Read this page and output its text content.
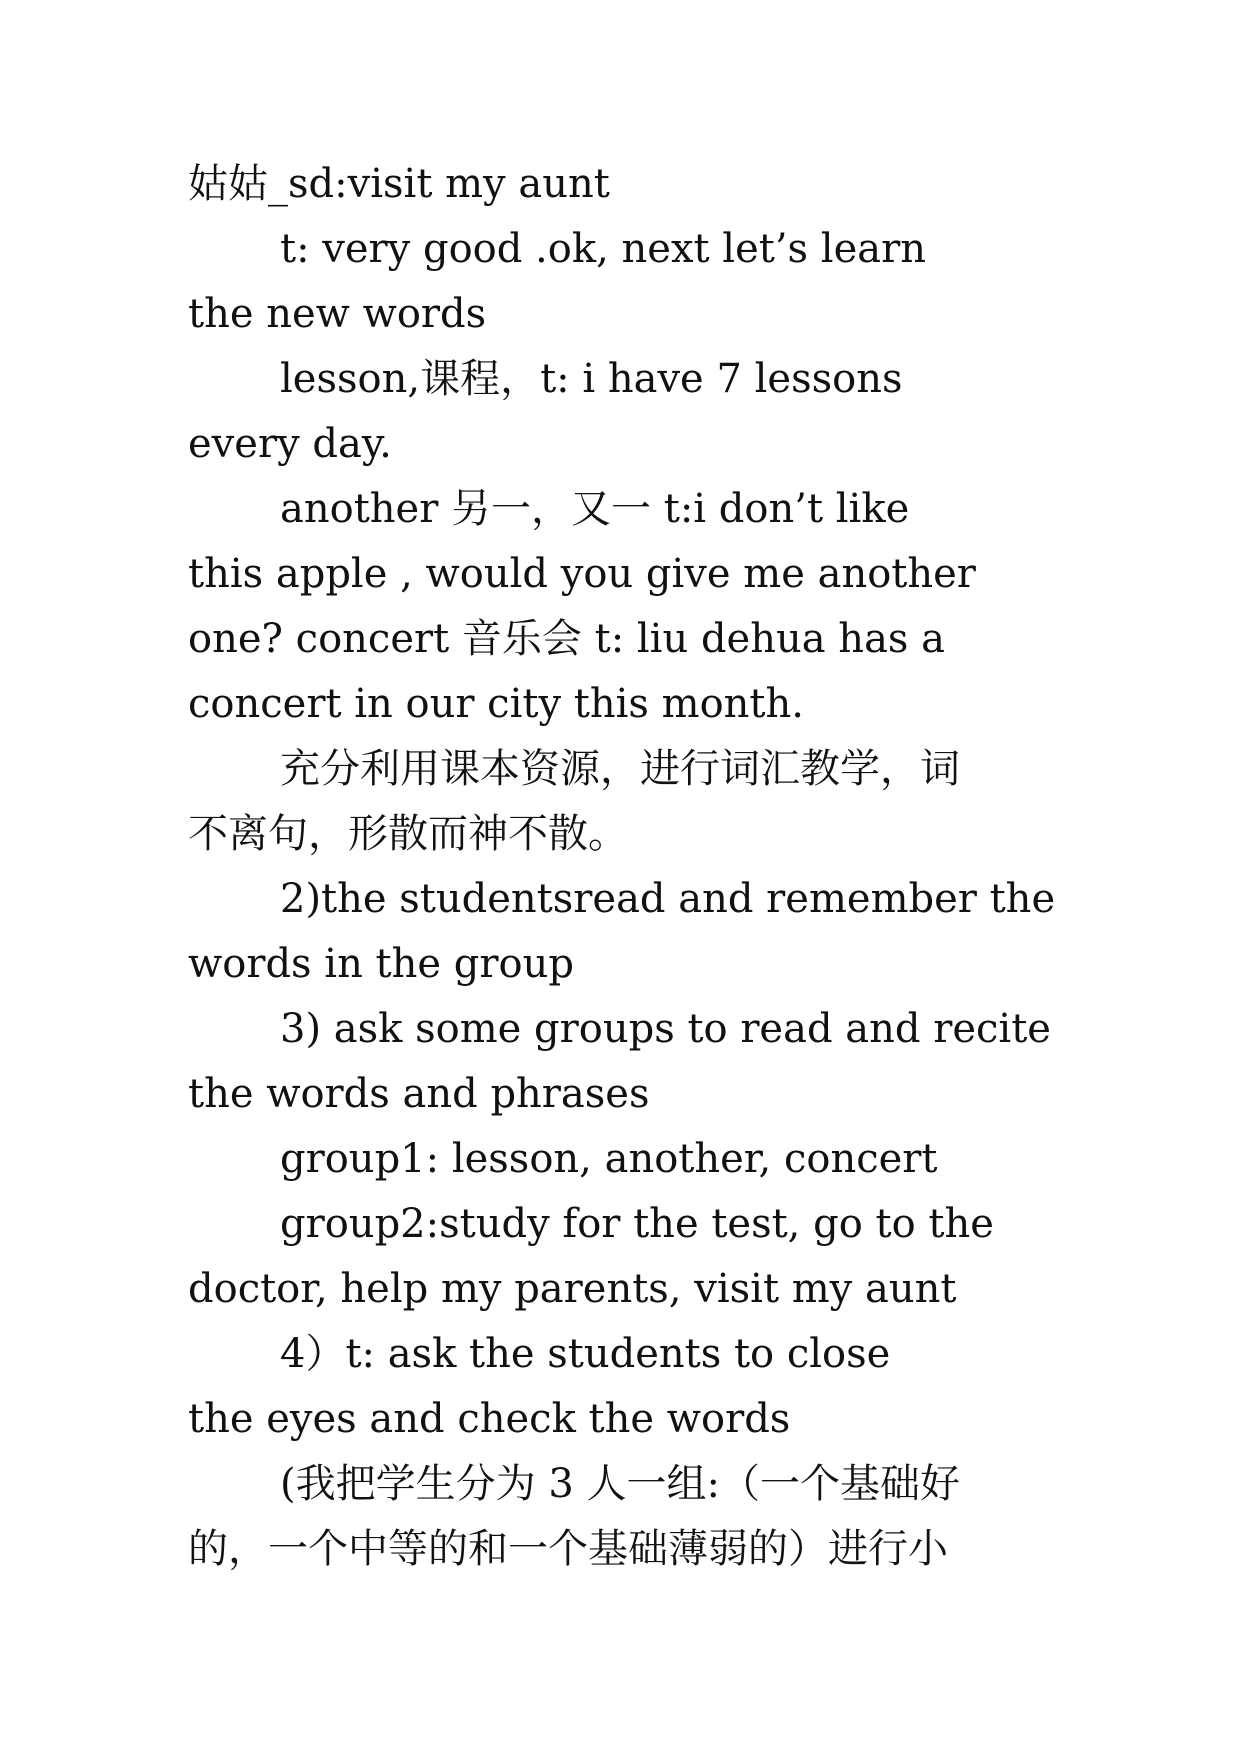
姑姑_sd:visit my aunt
t: very good .ok, next let’s learn
the new words
lesson,课程，t: i have 7 lessons
every day.
another 另一，又一 t:i don’t like
this apple , would you give me another
one? concert 音乐会 t: liu dehua has a
concert in our city this month.
充分利用课本资源，进行词汇教学，词
不离句，形散而神不散。
2)the studentsread and remember the
words in the group
3) ask some groups to read and recite
the words and phrases
group1: lesson, another, concert
group2:study for the test, go to the
doctor, help my parents, visit my aunt
4）t: ask the students to close
the eyes and check the words
(我把学生分为 3 人一组:（一个基础好
的，一个中等的和一个基础薄弱的）进行小
